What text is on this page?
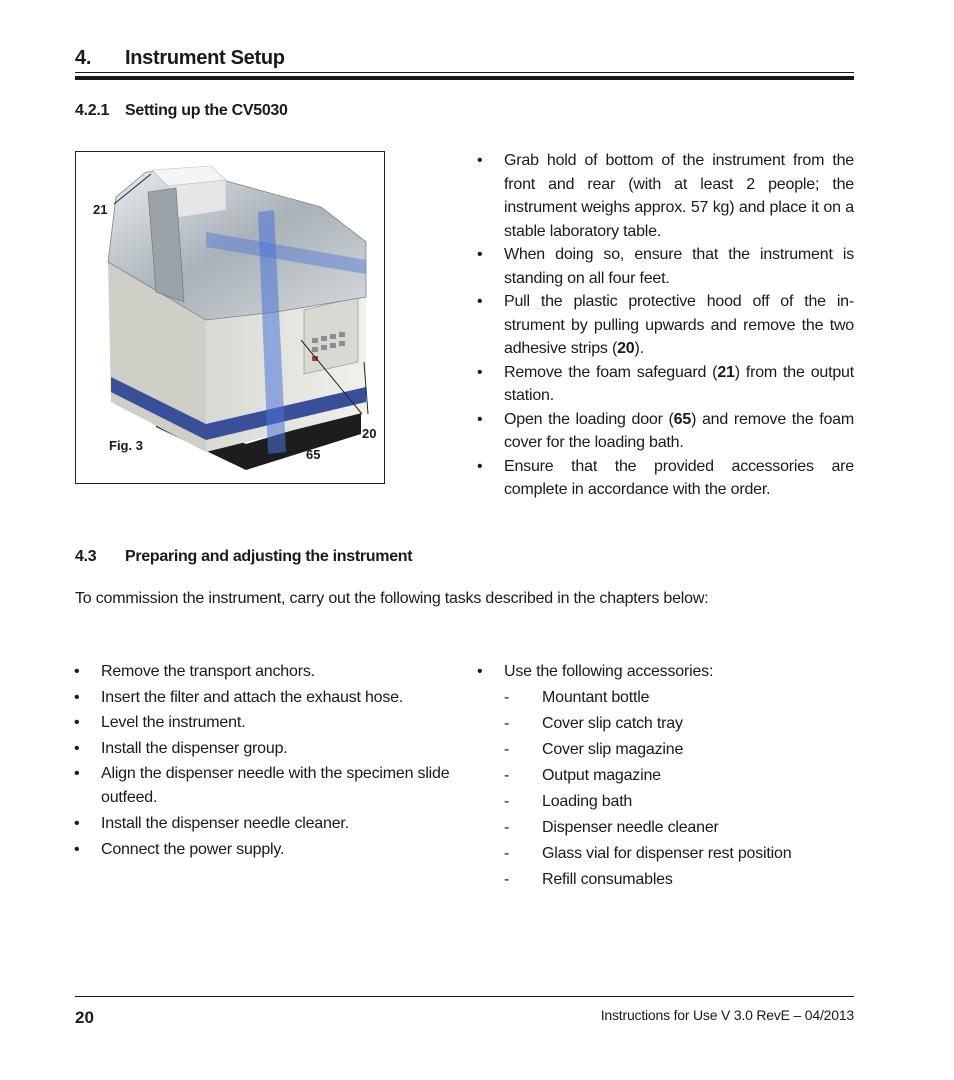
4. Instrument Setup
4.2.1 Setting up the CV5030
21
20
65
Fig. 3
• Grab hold of bottom of the instrument from the front and rear (with at least 2 people; the instrument weighs approx. 57 kg) and place it on a stable laboratory table.
• When doing so, ensure that the instrument is standing on all four feet.
• Pull the plastic protective hood off of the in-strument by pulling upwards and remove the two adhesive strips (20).
• Remove the foam safeguard (21) from the output station.
• Open the loading door (65) and remove the foam cover for the loading bath.
• Ensure that the provided accessories are complete in accordance with the order.
4.3 Preparing and adjusting the instrument
To commission the instrument, carry out the following tasks described in the chapters below:
• Remove the transport anchors.
• Insert the filter and attach the exhaust hose.
• Level the instrument.
• Install the dispenser group.
• Align the dispenser needle with the specimen slide outfeed.
• Install the dispenser needle cleaner.
• Connect the power supply.
• Use the following accessories:
- Mountant bottle
- Cover slip catch tray
- Cover slip magazine
- Output magazine
- Loading bath
- Dispenser needle cleaner
- Glass vial for dispenser rest position
- Refill consumables
20	Instructions for Use V 3.0 RevE – 04/2013
